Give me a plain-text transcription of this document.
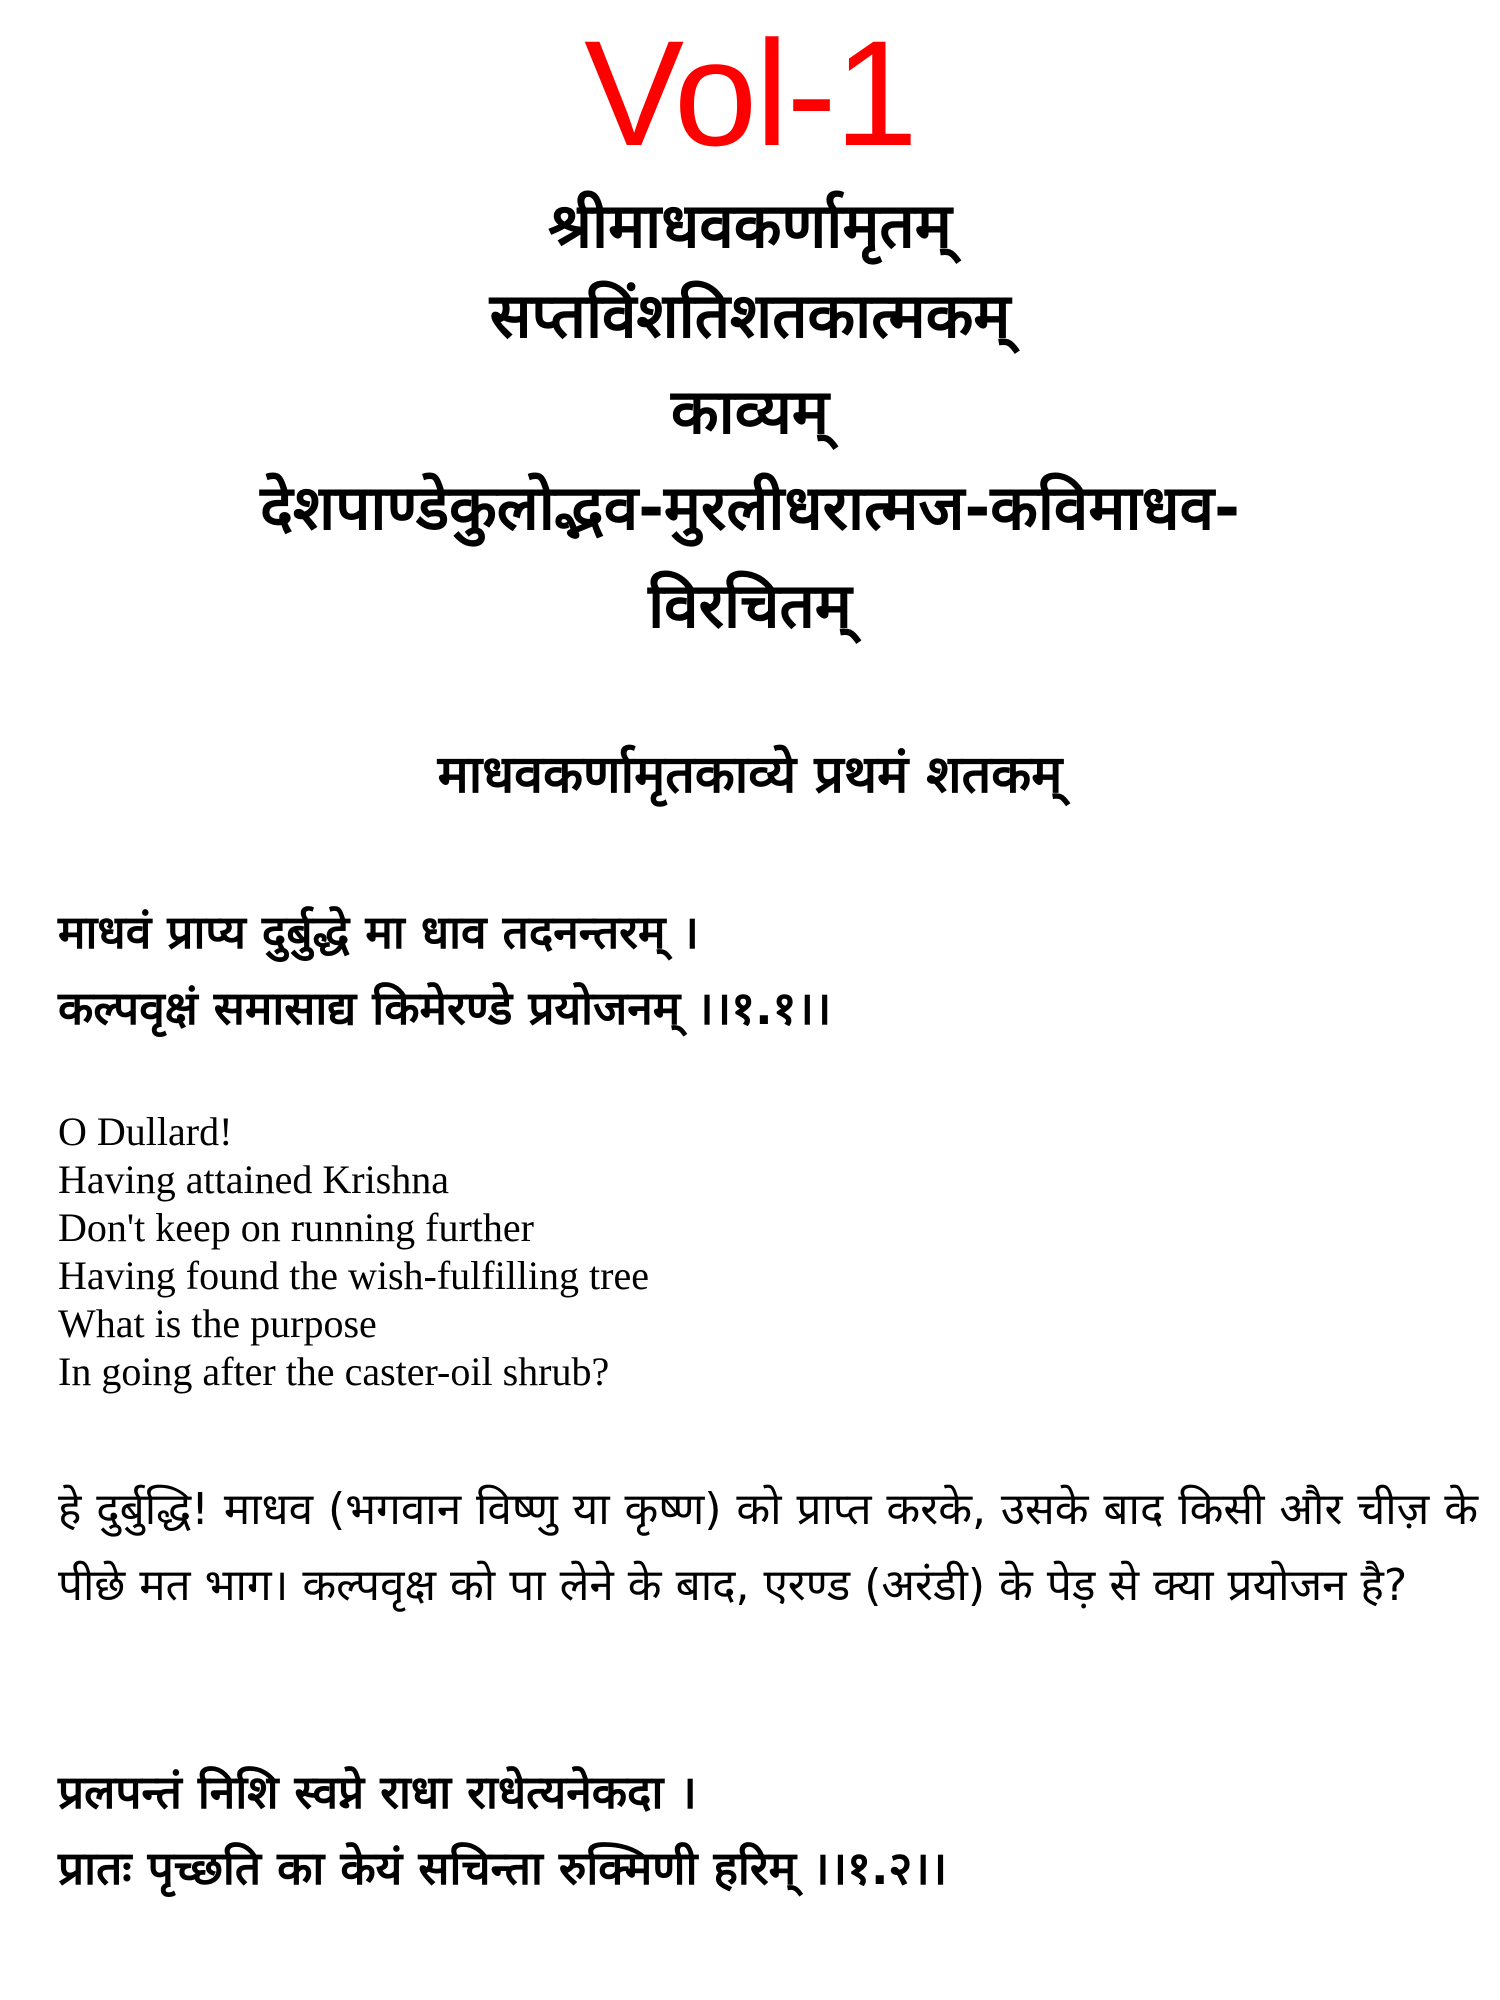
Vol-1
श्रीमाधवकर्णामृतम्
सप्तविंशतिशतकात्मकम्
काव्यम्
देशपाण्डेकुलोद्भव-मुरलीधरात्मज-कविमाधव-
विरचितम्
माधवकर्णामृतकाव्ये प्रथमं शतकम्
माधवं प्राप्य दुर्बुद्धे मा धाव तदनन्तरम् ।
कल्पवृक्षं समासाद्य किमेरण्डे प्रयोजनम् ।।१.१।।
O Dullard!
Having attained Krishna
Don't keep on running further
Having found the wish-fulfilling tree
What is the purpose
In going after the caster-oil shrub?
हे दुर्बुद्धि! माधव (भगवान विष्णु या कृष्ण) को प्राप्त करके, उसके बाद किसी और चीज़ के पीछे मत भाग। कल्पवृक्ष को पा लेने के बाद, एरण्ड (अरंडी) के पेड़ से क्या प्रयोजन है?
प्रलपन्तं निशि स्वप्ने राधा राधेत्यनेकदा ।
प्रातः पृच्छति का केयं सचिन्ता रुक्मिणी हरिम् ।।१.२।।
